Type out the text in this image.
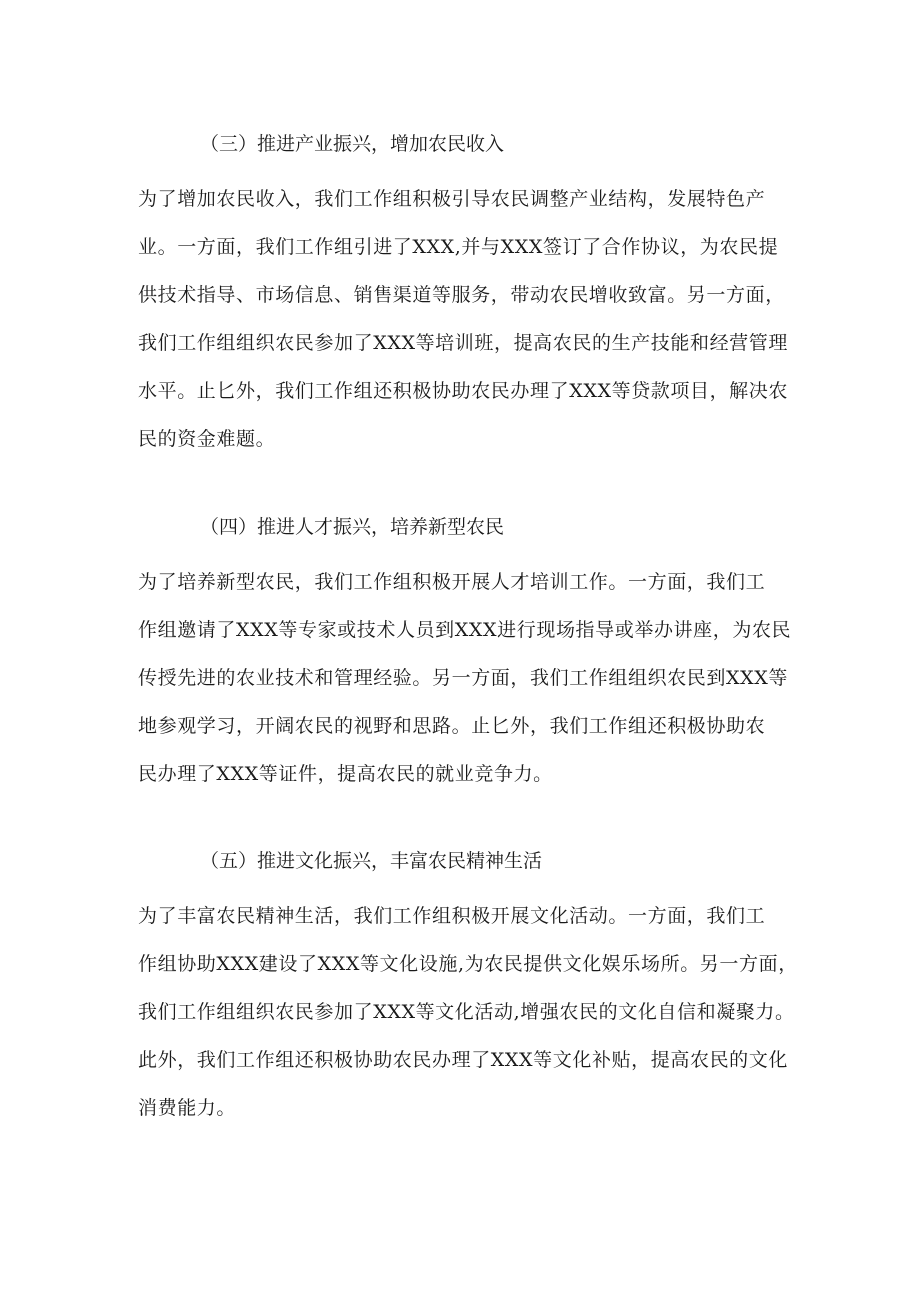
（三）推进产业振兴，增加农民收入

为了增加农民收入，我们工作组积极引导农民调整产业结构，发展特色产
业。一方面，我们工作组引进了XXX,并与XXX签订了合作协议，为农民提
供技术指导、市场信息、销售渠道等服务，带动农民增收致富。另一方面，
我们工作组组织农民参加了XXX等培训班，提高农民的生产技能和经营管理
水平。止匕外，我们工作组还积极协助农民办理了XXX等贷款项目，解决农
民的资金难题。

（四）推进人才振兴，培养新型农民

为了培养新型农民，我们工作组积极开展人才培训工作。一方面，我们工
作组邀请了XXX等专家或技术人员到XXX进行现场指导或举办讲座，为农民
传授先进的农业技术和管理经验。另一方面，我们工作组组织农民到XXX等
地参观学习，开阔农民的视野和思路。止匕外，我们工作组还积极协助农
民办理了XXX等证件，提高农民的就业竞争力。

（五）推进文化振兴，丰富农民精神生活

为了丰富农民精神生活，我们工作组积极开展文化活动。一方面，我们工
作组协助XXX建设了XXX等文化设施,为农民提供文化娱乐场所。另一方面，
我们工作组组织农民参加了XXX等文化活动,增强农民的文化自信和凝聚力。
此外，我们工作组还积极协助农民办理了XXX等文化补贴，提高农民的文化
消费能力。
